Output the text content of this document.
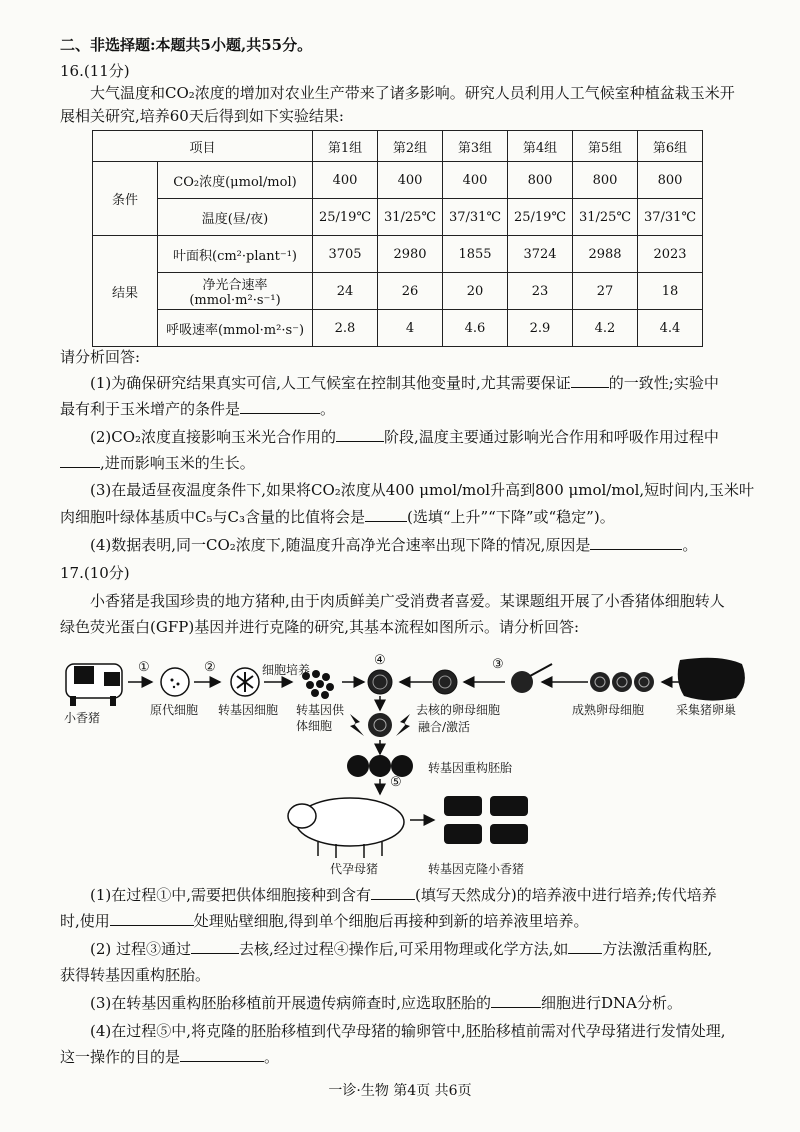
二、非选择题:本题共5小题,共55分。
16.(11分)
大气温度和CO₂浓度的增加对农业生产带来了诸多影响。研究人员利用人工气候室种植盆栽玉米开
展相关研究,培养60天后得到如下实验结果:
项目		第1组	第2组	第3组	第4组	第5组	第6组
条件	CO₂浓度(μmol/mol)	400	400	400	800	800	800
	温度(昼/夜)	25/19℃	31/25℃	37/31℃	25/19℃	31/25℃	37/31℃
结果	叶面积(cm²·plant⁻¹)	3705	2980	1855	3724	2988	2023
	净光合速率(mmol·m²·s⁻¹)	24	26	20	23	27	18
	呼吸速率(mmol·m²·s⁻)	2.8	4	4.6	2.9	4.2	4.4
请分析回答:
(1)为确保研究结果真实可信,人工气候室在控制其他变量时,尤其需要保证	的一致性;实验中
最有利于玉米增产的条件是	。
(2)CO₂浓度直接影响玉米光合作用的	阶段,温度主要通过影响光合作用和呼吸作用过程中
,进而影响玉米的生长。
(3)在最适昼夜温度条件下,如果将CO₂浓度从400 μmol/mol升高到800 μmol/mol,短时间内,玉米叶
肉细胞叶绿体基质中C₅与C₃含量的比值将会是	(选填“上升”“下降”或“稳定”)。
(4)数据表明,同一CO₂浓度下,随温度升高净光合速率出现下降的情况,原因是	。
17.(10分)
小香猪是我国珍贵的地方猪种,由于肉质鲜美广受消费者喜爱。某课题组开展了小香猪体细胞转人
绿色荧光蛋白(GFP)基因并进行克隆的研究,其基本流程如图所示。请分析回答:
①	②	③
④
⑤
小香猪
原代细胞 转基因细胞
细胞培养
转基因供
体细胞
去核的卵母细胞	成熟卵母细胞	采集猪卵巢
融合/激活
转基因重构胚胎
代孕母猪	转基因克隆小香猪
(1)在过程①中,需要把供体细胞接种到含有	(填写天然成分)的培养液中进行培养;传代培养
时,使用	处理贴壁细胞,得到单个细胞后再接种到新的培养液里培养。
(2) 过程③通过	去核,经过过程④操作后,可采用物理或化学方法,如 方法激活重构胚,
获得转基因重构胚胎。
(3)在转基因重构胚胎移植前开展遗传病筛查时,应选取胚胎的	细胞进行DNA分析。
(4)在过程⑤中,将克隆的胚胎移植到代孕母猪的输卵管中,胚胎移植前需对代孕母猪进行发情处理,
这一操作的目的是	。
一诊·生物 第4页 共6页
